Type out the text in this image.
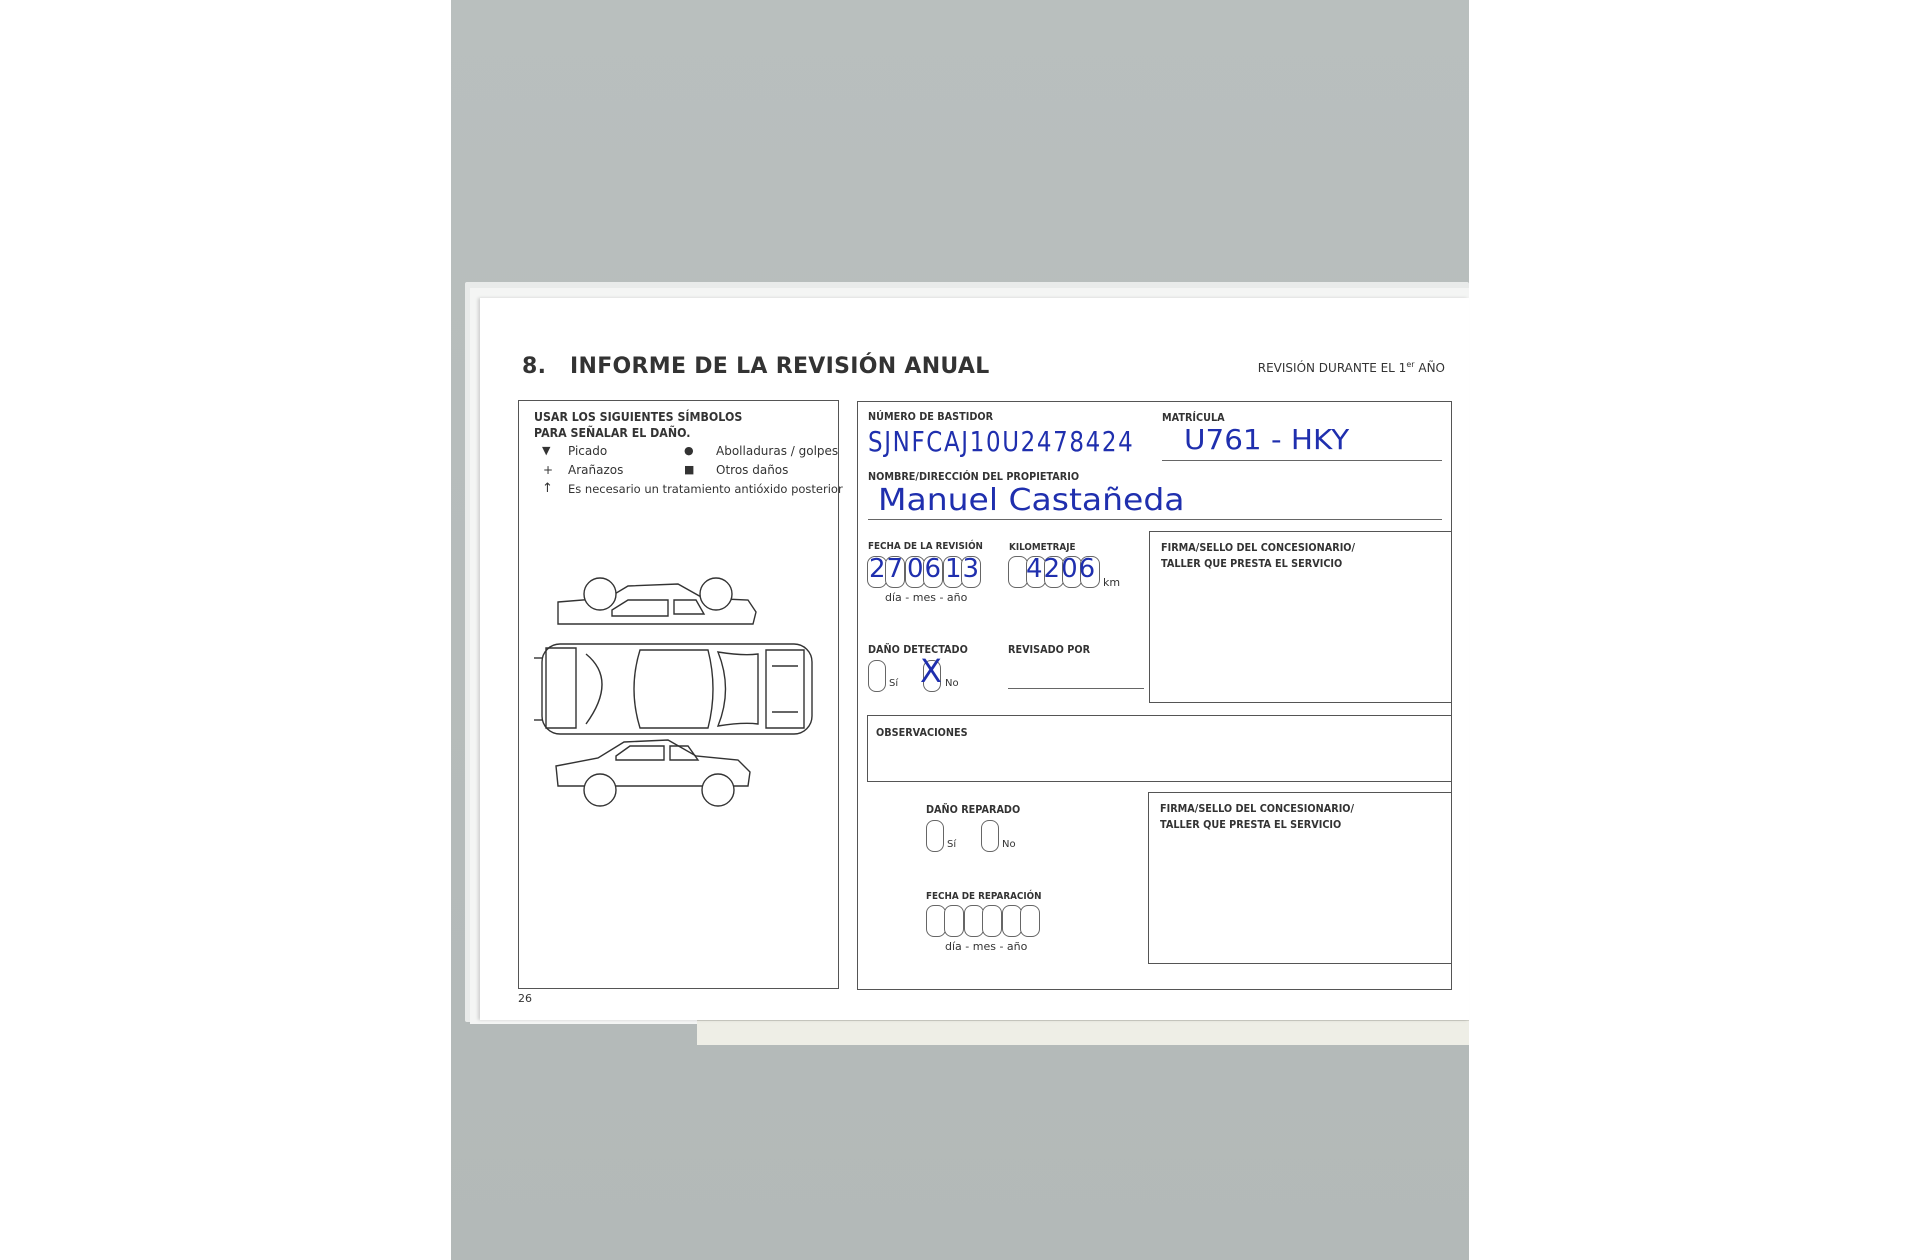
8. INFORME DE LA REVISIÓN ANUAL	REVISIÓN DURANTE EL 1er AÑO
USAR LOS SIGUIENTES SÍMBOLOS
PARA SEÑALAR EL DAÑO.
▼ Picado	● Abolladuras / golpes
+ Arañazos	■ Otros daños
↑ Es necesario un tratamiento antióxido posterior
NÚMERO DE BASTIDOR
SJNFCAJ10U2478424
MATRÍCULA
U761 - HKY
NOMBRE/DIRECCIÓN DEL PROPIETARIO
Manuel Castañeda
FECHA DE LA REVISIÓN
27 06 13
día - mes - año
KILOMETRAJE
4206 km
FIRMA/SELLO DEL CONCESIONARIO/
TALLER QUE PRESTA EL SERVICIO
DAÑO DETECTADO
Sí X No
REVISADO POR
OBSERVACIONES
DAÑO REPARADO
Sí	No
FECHA DE REPARACIÓN
día - mes - año
FIRMA/SELLO DEL CONCESIONARIO/
TALLER QUE PRESTA EL SERVICIO
26
